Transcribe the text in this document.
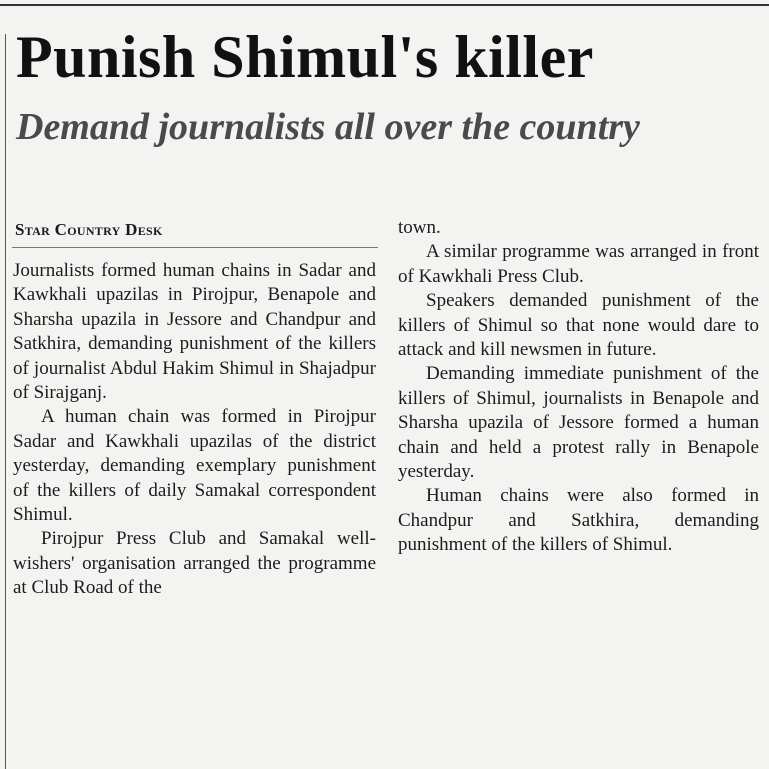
Punish Shimul's killer
Demand journalists all over the country
Star Country Desk

Journalists formed human chains in Sadar and Kawkhali upazilas in Pirojpur, Benapole and Sharsha upazila in Jessore and Chandpur and Satkhira, demanding punishment of the killers of journalist Abdul Hakim Shimul in Shajadpur of Sirajganj.

A human chain was formed in Pirojpur Sadar and Kawkhali upazilas of the district yesterday, demanding exemplary punishment of the killers of daily Samakal correspondent Shimul.

Pirojpur Press Club and Samakal well-wishers' organisation arranged the programme at Club Road of the

town.

A similar programme was arranged in front of Kawkhali Press Club.

Speakers demanded punishment of the killers of Shimul so that none would dare to attack and kill newsmen in future.

Demanding immediate punishment of the killers of Shimul, journalists in Benapole and Sharsha upazila of Jessore formed a human chain and held a protest rally in Benapole yesterday.

Human chains were also formed in Chandpur and Satkhira, demanding punishment of the killers of Shimul.
